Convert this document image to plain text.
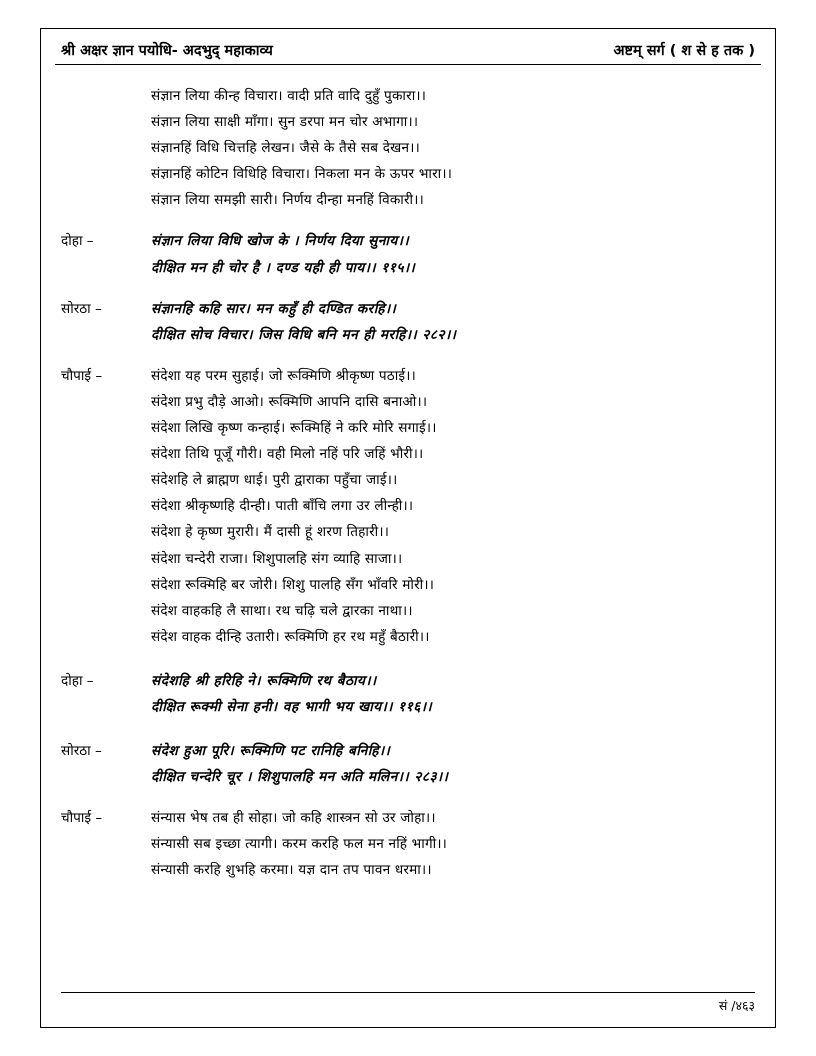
श्री अक्षर ज्ञान पयोधि- अदभुद् महाकाव्य	अष्टम् सर्ग ( श से ह तक )
संज्ञान लिया कीन्ह विचारा। वादी प्रति वादि दुहुँ पुकारा।।
संज्ञान लिया साक्षी माँगा। सुन डरपा मन चोर अभागा।।
संज्ञानहिं विधि चित्तहि लेखन। जैसे के तैसे सब देखन।।
संज्ञानहिं कोटिन विधिहि विचारा। निकला मन के ऊपर भारा।।
संज्ञान लिया समझी सारी। निर्णय दीन्हा मनहिं विकारी।।
दोहा –	संज्ञान लिया विधि खोज के । निर्णय दिया सुनाय।।
दीक्षित मन ही चोर है । दण्ड यही ही पाय।। ११५।।
सोरठा –	संज्ञानहि कहि सार। मन कहुँ ही दण्डित करहि।।
दीक्षित सोच विचार। जिस विधि बनि मन ही मरहि।। २८२।।
चौपाई –	संदेशा यह परम सुहाई। जो रूक्मिणि श्रीकृष्ण पठाई।।
संदेशा प्रभु दौड़े आओ। रूक्मिणि आपनि दासि बनाओ।।
संदेशा लिखि कृष्ण कन्हाई। रूक्मिहिं ने करि मोरि सगाई।।
संदेशा तिथि पूजूँ गौरी। वही मिलो नहिं परि जहिं भौरी।।
संदेशहि ले ब्राह्मण धाई। पुरी द्वाराका पहुँचा जाई।।
संदेशा श्रीकृष्णहि दीन्ही। पाती बाँचि लगा उर लीन्ही।।
संदेशा हे कृष्ण मुरारी। मैं दासी हूं शरण तिहारी।।
संदेशा चन्देरी राजा। शिशुपालहि संग व्याहि साजा।।
संदेशा रूक्मिहि बर जोरी। शिशु पालहि सँग भाँवरि मोरी।।
संदेश वाहकहि लै साथा। रथ चढ़ि चले द्वारका नाथा।।
संदेश वाहक दीन्हि उतारी। रूक्मिणि हर रथ महुँ बैठारी।।
दोहा –	संदेशहि श्री हरिहि ने। रूक्मिणि रथ बैठाय।।
दीक्षित रूक्मी सेना हनी। वह भागी भय खाय।। ११६।।
सोरठा –	संदेश हुआ पूरि। रूक्मिणि पट रानिहि बनिहि।।
दीक्षित चन्देरि चूर । शिशुपालहि मन अति मलिन।। २८३।।
चौपाई –	संन्यास भेष तब ही सोहा। जो कहि शास्त्रन सो उर जोहा।।
संन्यासी सब इच्छा त्यागी। करम करहि फल मन नहिं भागी।।
संन्यासी करहि शुभहि करमा। यज्ञ दान तप पावन धरमा।।
सं /४६३
